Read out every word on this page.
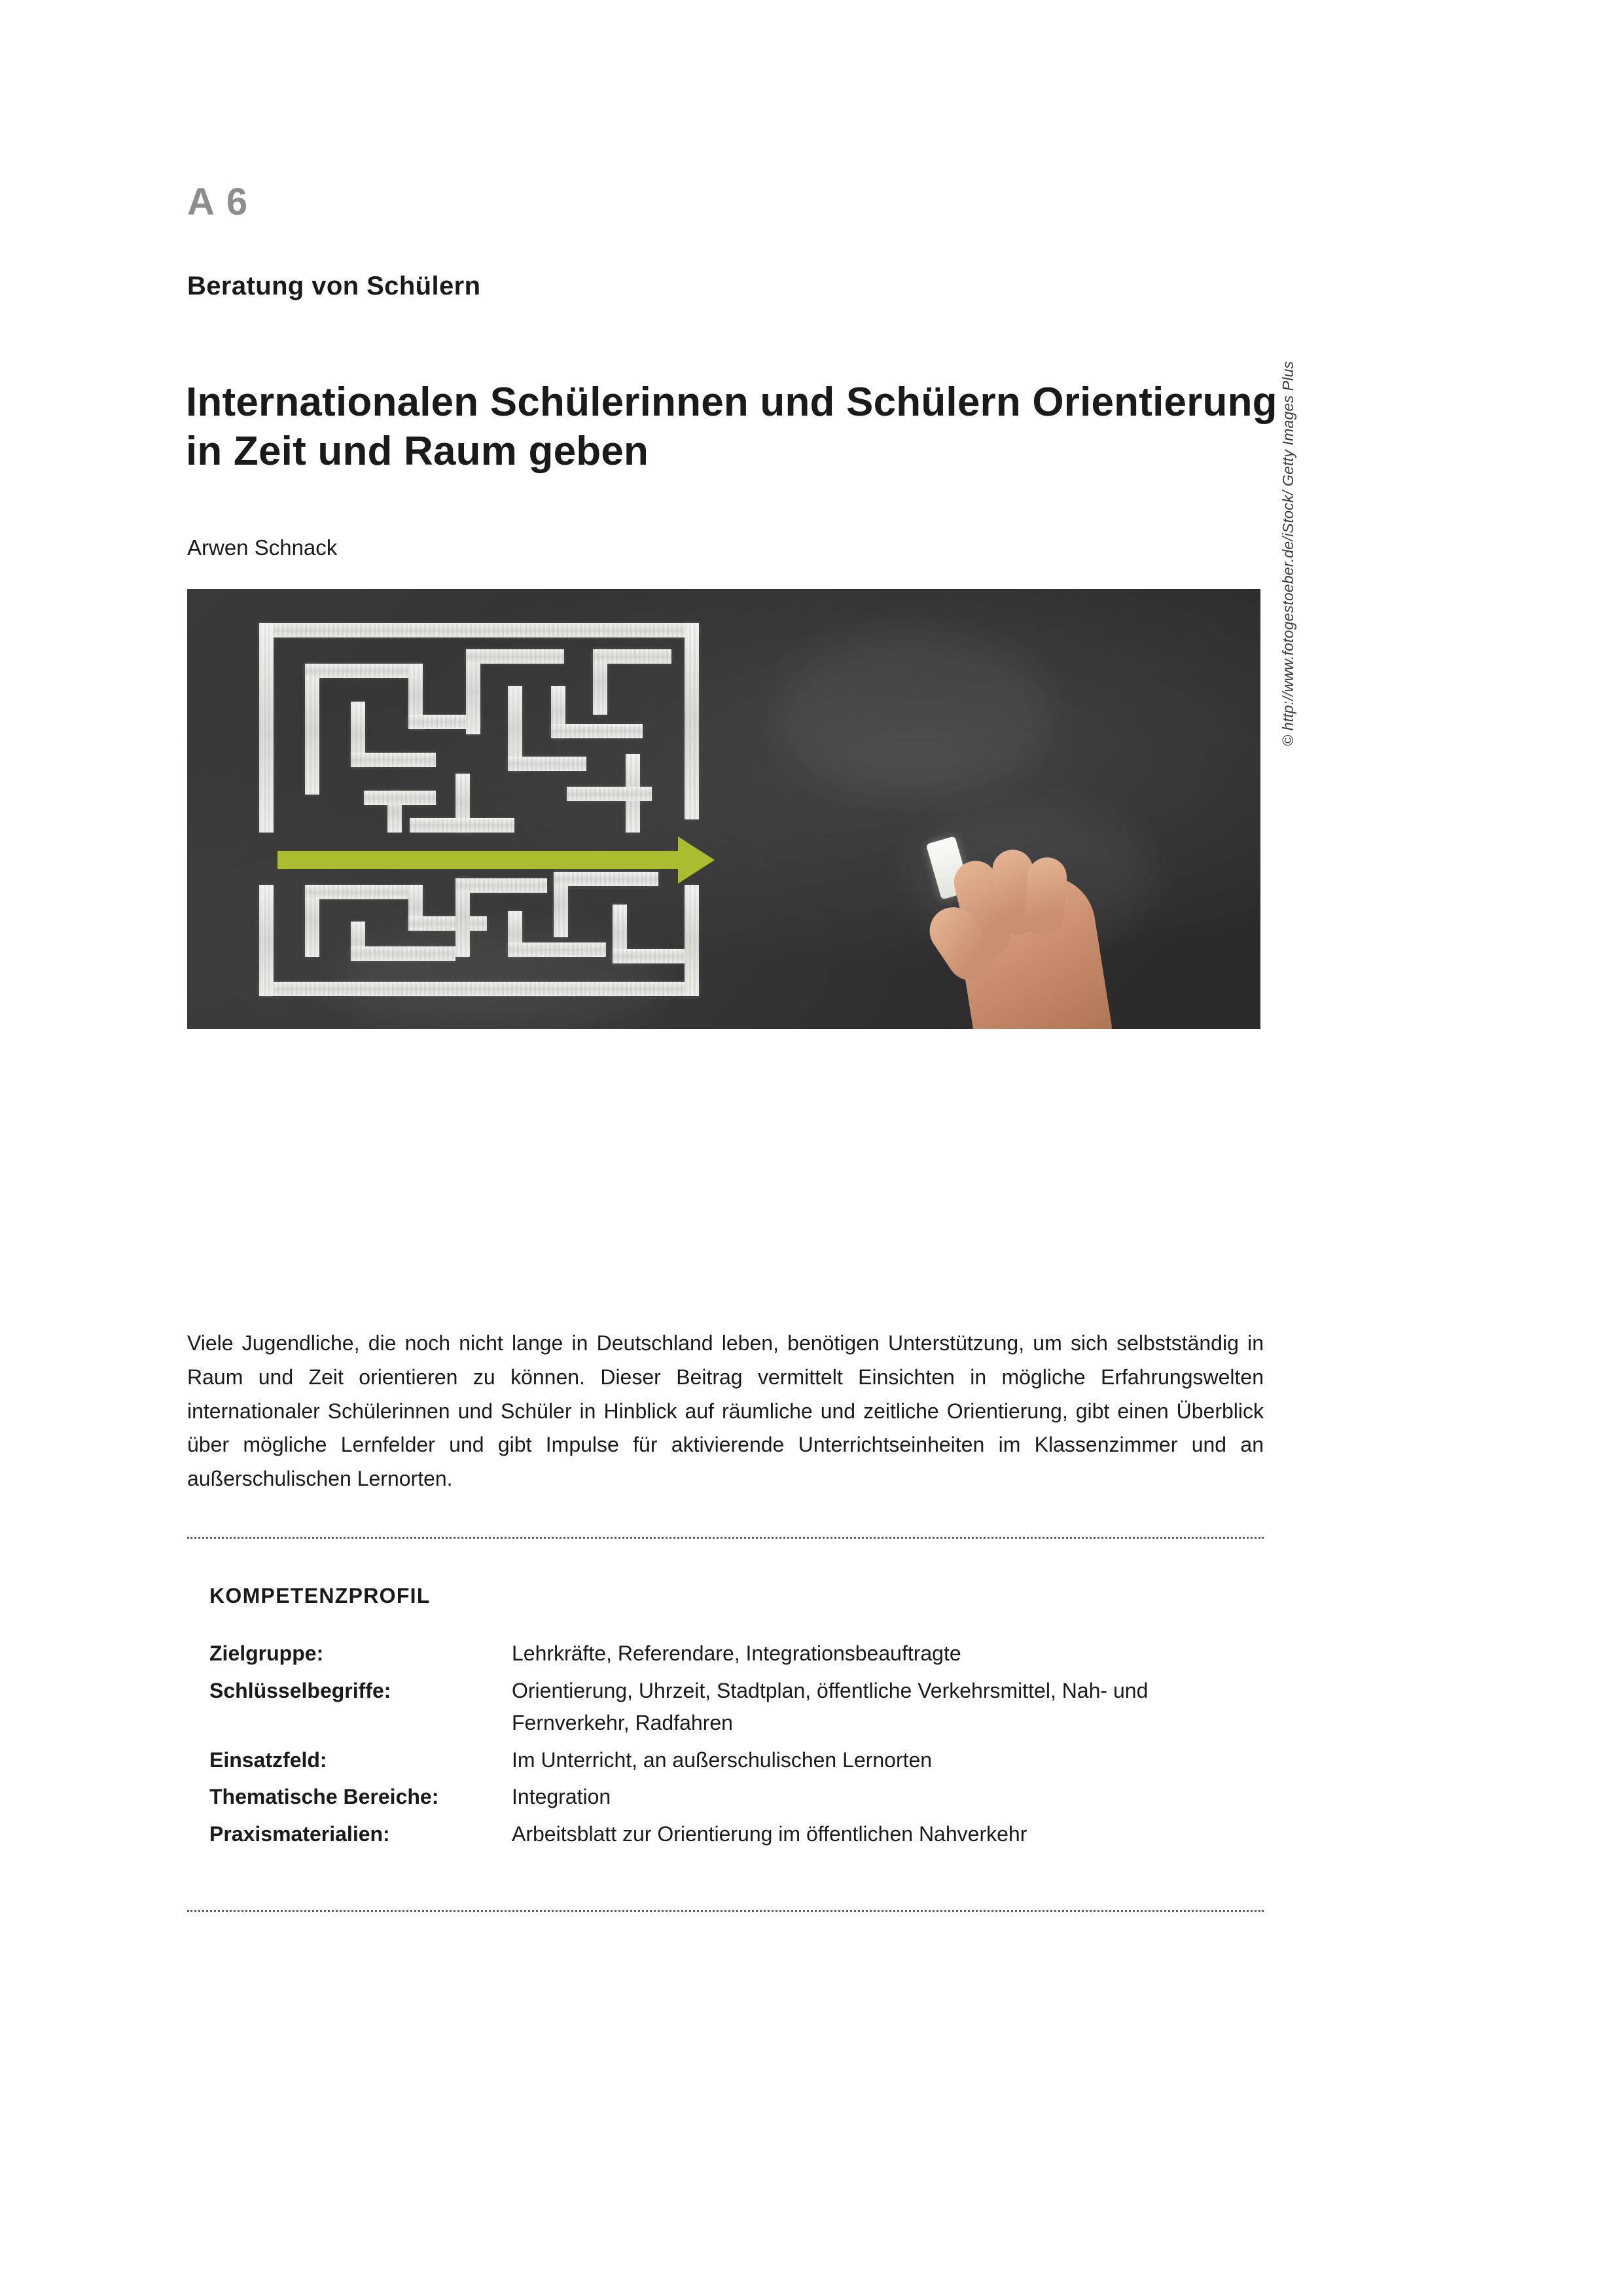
A 6
Beratung von Schülern
Internationalen Schülerinnen und Schülern Orientierung in Zeit und Raum geben
Arwen Schnack	© http://www.fotogestoeber.de/iStock/ Getty Images Plus

Viele Jugendliche, die noch nicht lange in Deutschland leben, benötigen Unterstützung, um sich selbstständig in Raum und Zeit orientieren zu können. Dieser Beitrag vermittelt Einsichten in mögliche Erfahrungswelten internationaler Schülerinnen und Schüler in Hinblick auf räumliche und zeitliche Orientierung, gibt einen Überblick über mögliche Lernfelder und gibt Impulse für aktivierende Unterrichtseinheiten im Klassenzimmer und an außerschulischen Lernorten.

KOMPETENZPROFIL
Zielgruppe:	Lehrkräfte, Referendare, Integrationsbeauftragte
Schlüsselbegriffe:	Orientierung, Uhrzeit, Stadtplan, öffentliche Verkehrsmittel, Nah- und Fernverkehr, Radfahren
Einsatzfeld:	Im Unterricht, an außerschulischen Lernorten
Thematische Bereiche:	Integration
Praxismaterialien:	Arbeitsblatt zur Orientierung im öffentlichen Nahverkehr
